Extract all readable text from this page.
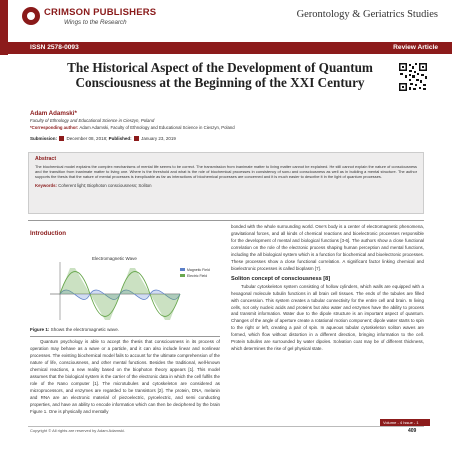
CRIMSON PUBLISHERS
Wings to the Research
Gerontology & Geriatrics Studies
ISSN 2578-0093	Review Article
The Historical Aspect of the Development of Quantum Consciousness at the Beginning of the XXI Century
Adam Adamski*
Faculty of Ethnology and Educational Science in Cieszyn, Poland
*Corresponding author: Adam Adamski, Faculty of Ethnology and Educational Science in Cieszyn, Poland
Submission: December 08, 2018; Published: January 23, 2019
Abstract
The biochemical model explains the complex mechanisms of mental life seems to be correct. The transmission from inanimate matter to living matter cannot be explained. He still cannot explain the nature of consciousness and the transition from inanimate matter to living one. Where is the threshold and what is the role of biochemical processes in consistency of sonu and consciousness as well as in building a mental structure. The author supports the thesis that the nature of mental processes is inexplicable as far as interactions of biochemical processes are concerned and it is much easier to describe it in the light of quantum processes.
Keywords: Coherent light; Biophoton consciousness; Soliton
Introduction
Electromagnetic Wave
Magnetic Field
Electric Field
Figure 1: Shows the electromagnetic wave.
Quantum psychology is able to accept the thesis that consciousness in its process of operation may behave as a wave or a particle, and it can also include linear and nonlinear processes. The existing biochemical model fails to account for the ultimate comprehension of the nature of life, consciousness, and other mental functions. Besides the traditional, well-known chemical reactions, a new reality based on the biophoton theory appears [1]. This model assumes that the biological system is the carrier of the electronic data in which the cell fulfils the role of the Nano computer [1]. The microtubules and cytoskeleton are considered as microprocessors, and enzymes are regarded to be transistors [2]. The protein, DNA, melanin and RNA are an electronic material of piezoelectric, pyroelectric, and semi conducting properties, and have an ability to encode information which can then be deciphered by the brain Figure 1. One is physically and mentally
bonded with the whole surrounding world. One's body is a center of electromagnetic phenomena, gravitational forces, and all kinds of chemical reactions and bioelectronic processes responsible for the development of mental and biological functions [3-6]. The authors show a close functional correlation on the role of the electronic process shaping human perception and mental functions, including the all biological system which is a function for biochemical and bioelectronic processes. These processes show a close functional correlation. A significant factor linking chemical and bioelectronic processes is called bioplasm [7].
Soliton concept of consciousness [8]
Tubular cytoskeleton system consisting of hollow cylinders, which walls are equipped with a hexagonal molecule tubulin functions in all brain cell tissues. The ends of the tubules are filled with concession. This system creates a tubular connectivity for the entire cell and brain. In living cells, not only nucleic acids and proteins but also water and enzymes have the ability to process and transmit information. Water due to the dipole structure is an important aspect of quantum. Changes of the angle of aperture create a rotational motion component; dipole water starts to spin to the right or left, creating a pair of spin. In aqueous tubular cytoskeleton soliton waves are formed, which flow without distortion in a different direction, bringing information to the cell. Protein tubulins are surrounded by water dipoles. Solvation coat may be of different thickness, which determines the rise of gel physical state.
Copyright © All rights are reserved by Adam Adamski.
Volume - 4 Issue - 1
409
